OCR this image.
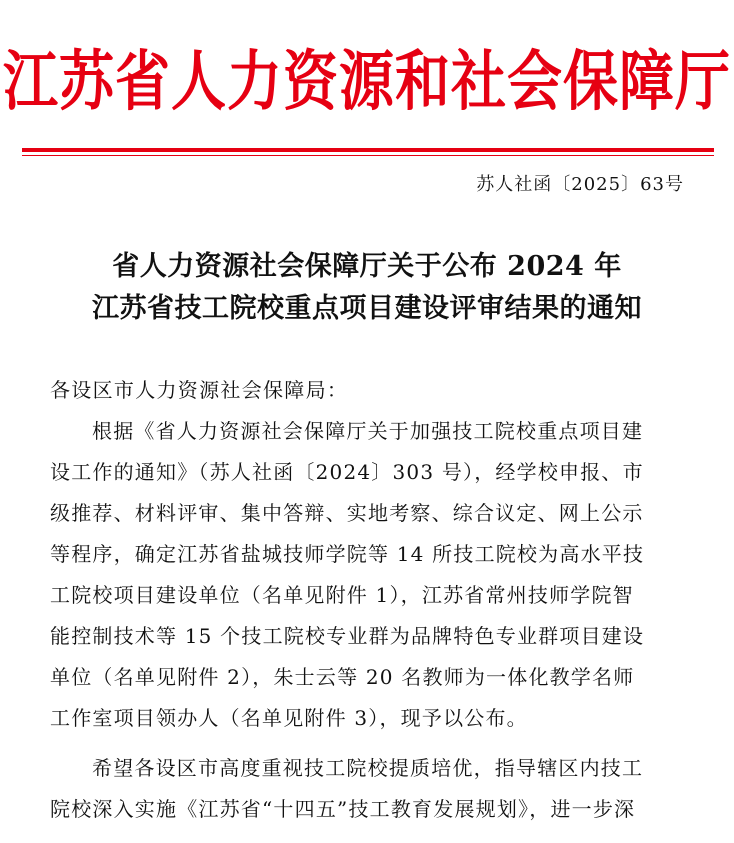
江苏省人力资源和社会保障厅
苏人社函〔2025〕63号
省人力资源社会保障厅关于公布 2024 年
江苏省技工院校重点项目建设评审结果的通知
各设区市人力资源社会保障局：
根据《省人力资源社会保障厅关于加强技工院校重点项目建
设工作的通知》（苏人社函〔2024〕303 号），经学校申报、市
级推荐、材料评审、集中答辩、实地考察、综合议定、网上公示
等程序，确定江苏省盐城技师学院等 14 所技工院校为高水平技
工院校项目建设单位（名单见附件 1），江苏省常州技师学院智
能控制技术等 15 个技工院校专业群为品牌特色专业群项目建设
单位（名单见附件 2），朱士云等 20 名教师为一体化教学名师
工作室项目领办人（名单见附件 3），现予以公布。
希望各设区市高度重视技工院校提质培优，指导辖区内技工
院校深入实施《江苏省“十四五”技工教育发展规划》，进一步深
